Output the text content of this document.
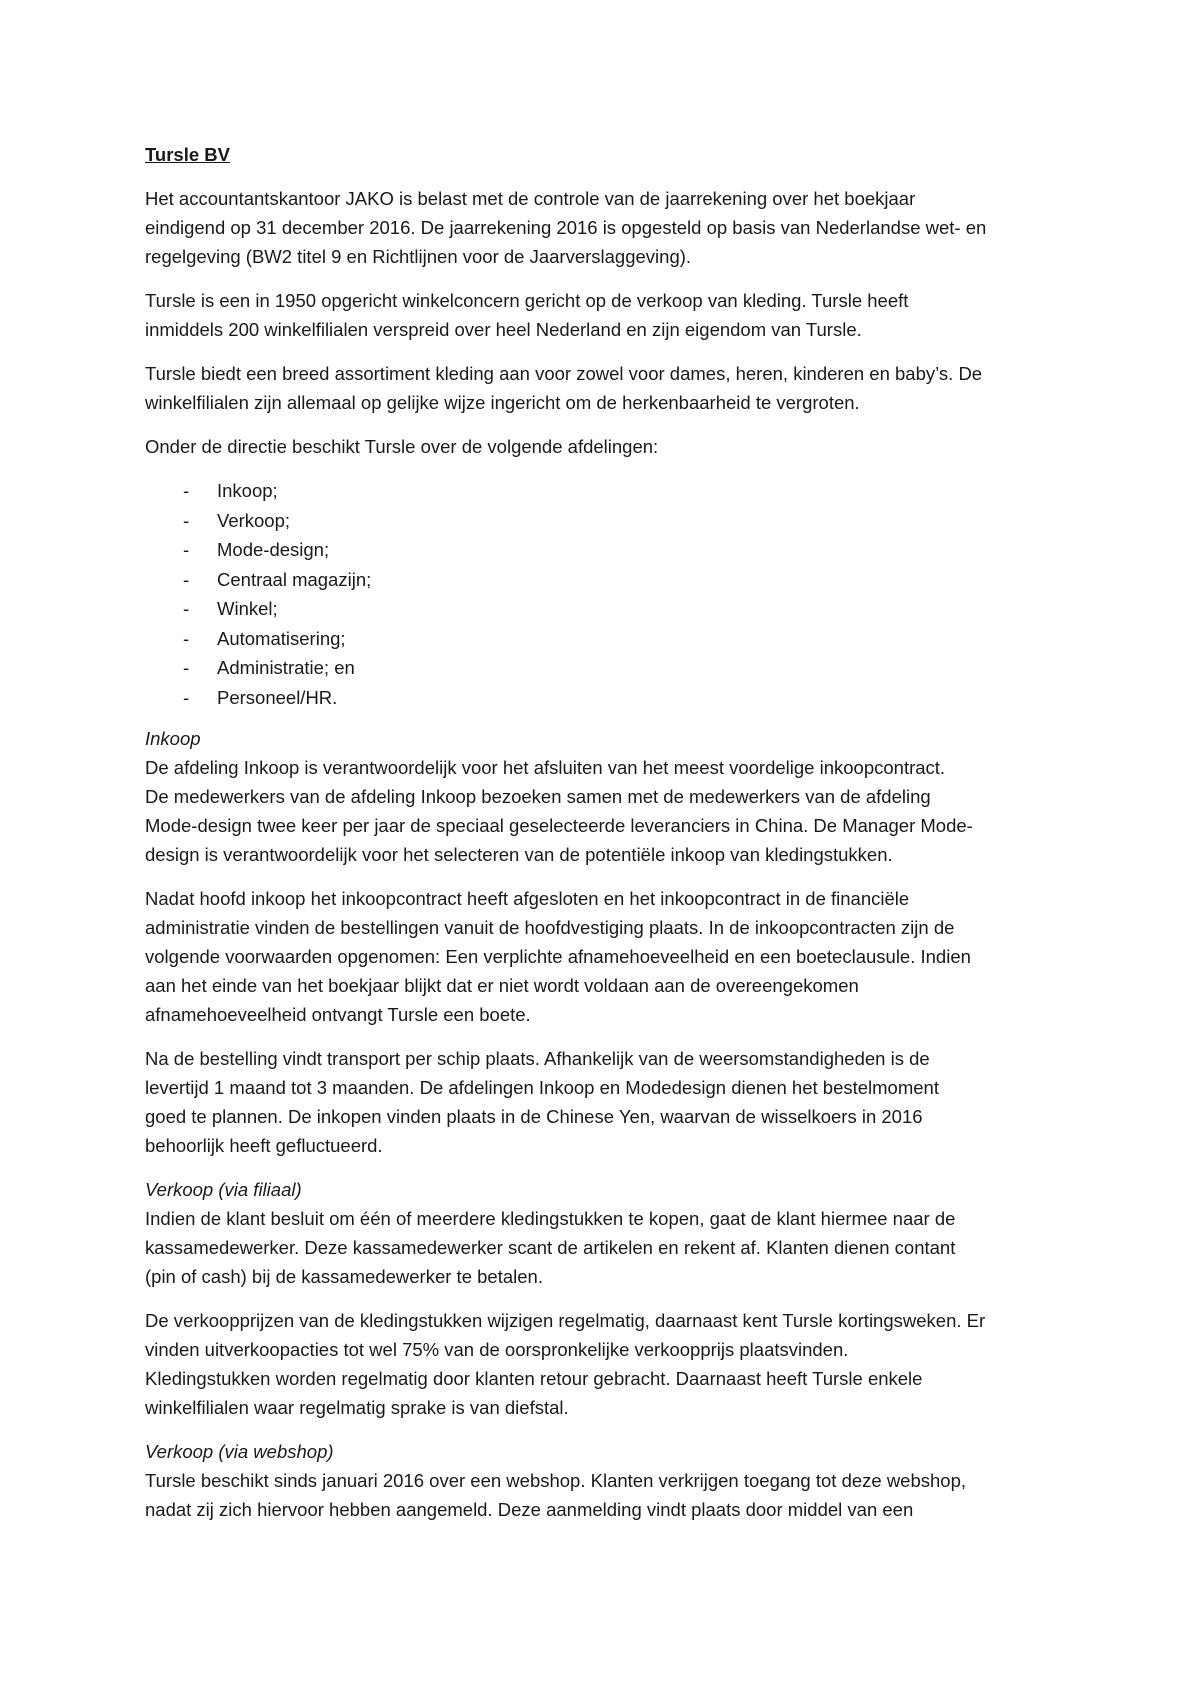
Tursle BV

Het accountantskantoor JAKO is belast met de controle van de jaarrekening over het boekjaar
eindigend op 31 december 2016. De jaarrekening 2016 is opgesteld op basis van Nederlandse wet- en
regelgeving (BW2 titel 9 en Richtlijnen voor de Jaarverslaggeving).

Tursle is een in 1950 opgericht winkelconcern gericht op de verkoop van kleding. Tursle heeft
inmiddels 200 winkelfilialen verspreid over heel Nederland en zijn eigendom van Tursle.

Tursle biedt een breed assortiment kleding aan voor zowel voor dames, heren, kinderen en baby’s. De
winkelfilialen zijn allemaal op gelijke wijze ingericht om de herkenbaarheid te vergroten.

Onder de directie beschikt Tursle over de volgende afdelingen:

- Inkoop;
- Verkoop;
- Mode-design;
- Centraal magazijn;
- Winkel;
- Automatisering;
- Administratie; en
- Personeel/HR.
Inkoop

De afdeling Inkoop is verantwoordelijk voor het afsluiten van het meest voordelige inkoopcontract.
De medewerkers van de afdeling Inkoop bezoeken samen met de medewerkers van de afdeling
Mode-design twee keer per jaar de speciaal geselecteerde leveranciers in China. De Manager Mode-
design is verantwoordelijk voor het selecteren van de potentiële inkoop van kledingstukken.

Nadat hoofd inkoop het inkoopcontract heeft afgesloten en het inkoopcontract in de financiële
administratie vinden de bestellingen vanuit de hoofdvestiging plaats. In de inkoopcontracten zijn de
volgende voorwaarden opgenomen: Een verplichte afnamehoeveelheid en een boeteclausule. Indien
aan het einde van het boekjaar blijkt dat er niet wordt voldaan aan de overeengekomen
afnamehoeveelheid ontvangt Tursle een boete.

Na de bestelling vindt transport per schip plaats. Afhankelijk van de weersomstandigheden is de
levertijd 1 maand tot 3 maanden. De afdelingen Inkoop en Modedesign dienen het bestelmoment
goed te plannen. De inkopen vinden plaats in de Chinese Yen, waarvan de wisselkoers in 2016
behoorlijk heeft gefluctueerd.

Verkoop (via filiaal)

Indien de klant besluit om één of meerdere kledingstukken te kopen, gaat de klant hiermee naar de
kassamedewerker. Deze kassamedewerker scant de artikelen en rekent af. Klanten dienen contant
(pin of cash) bij de kassamedewerker te betalen.

De verkoopprijzen van de kledingstukken wijzigen regelmatig, daarnaast kent Tursle kortingsweken. Er
vinden uitverkoopacties tot wel 75% van de oorspronkelijke verkoopprijs plaatsvinden.
Kledingstukken worden regelmatig door klanten retour gebracht. Daarnaast heeft Tursle enkele
winkelfilialen waar regelmatig sprake is van diefstal.

Verkoop (via webshop)

Tursle beschikt sinds januari 2016 over een webshop. Klanten verkrijgen toegang tot deze webshop,
nadat zij zich hiervoor hebben aangemeld. Deze aanmelding vindt plaats door middel van een
